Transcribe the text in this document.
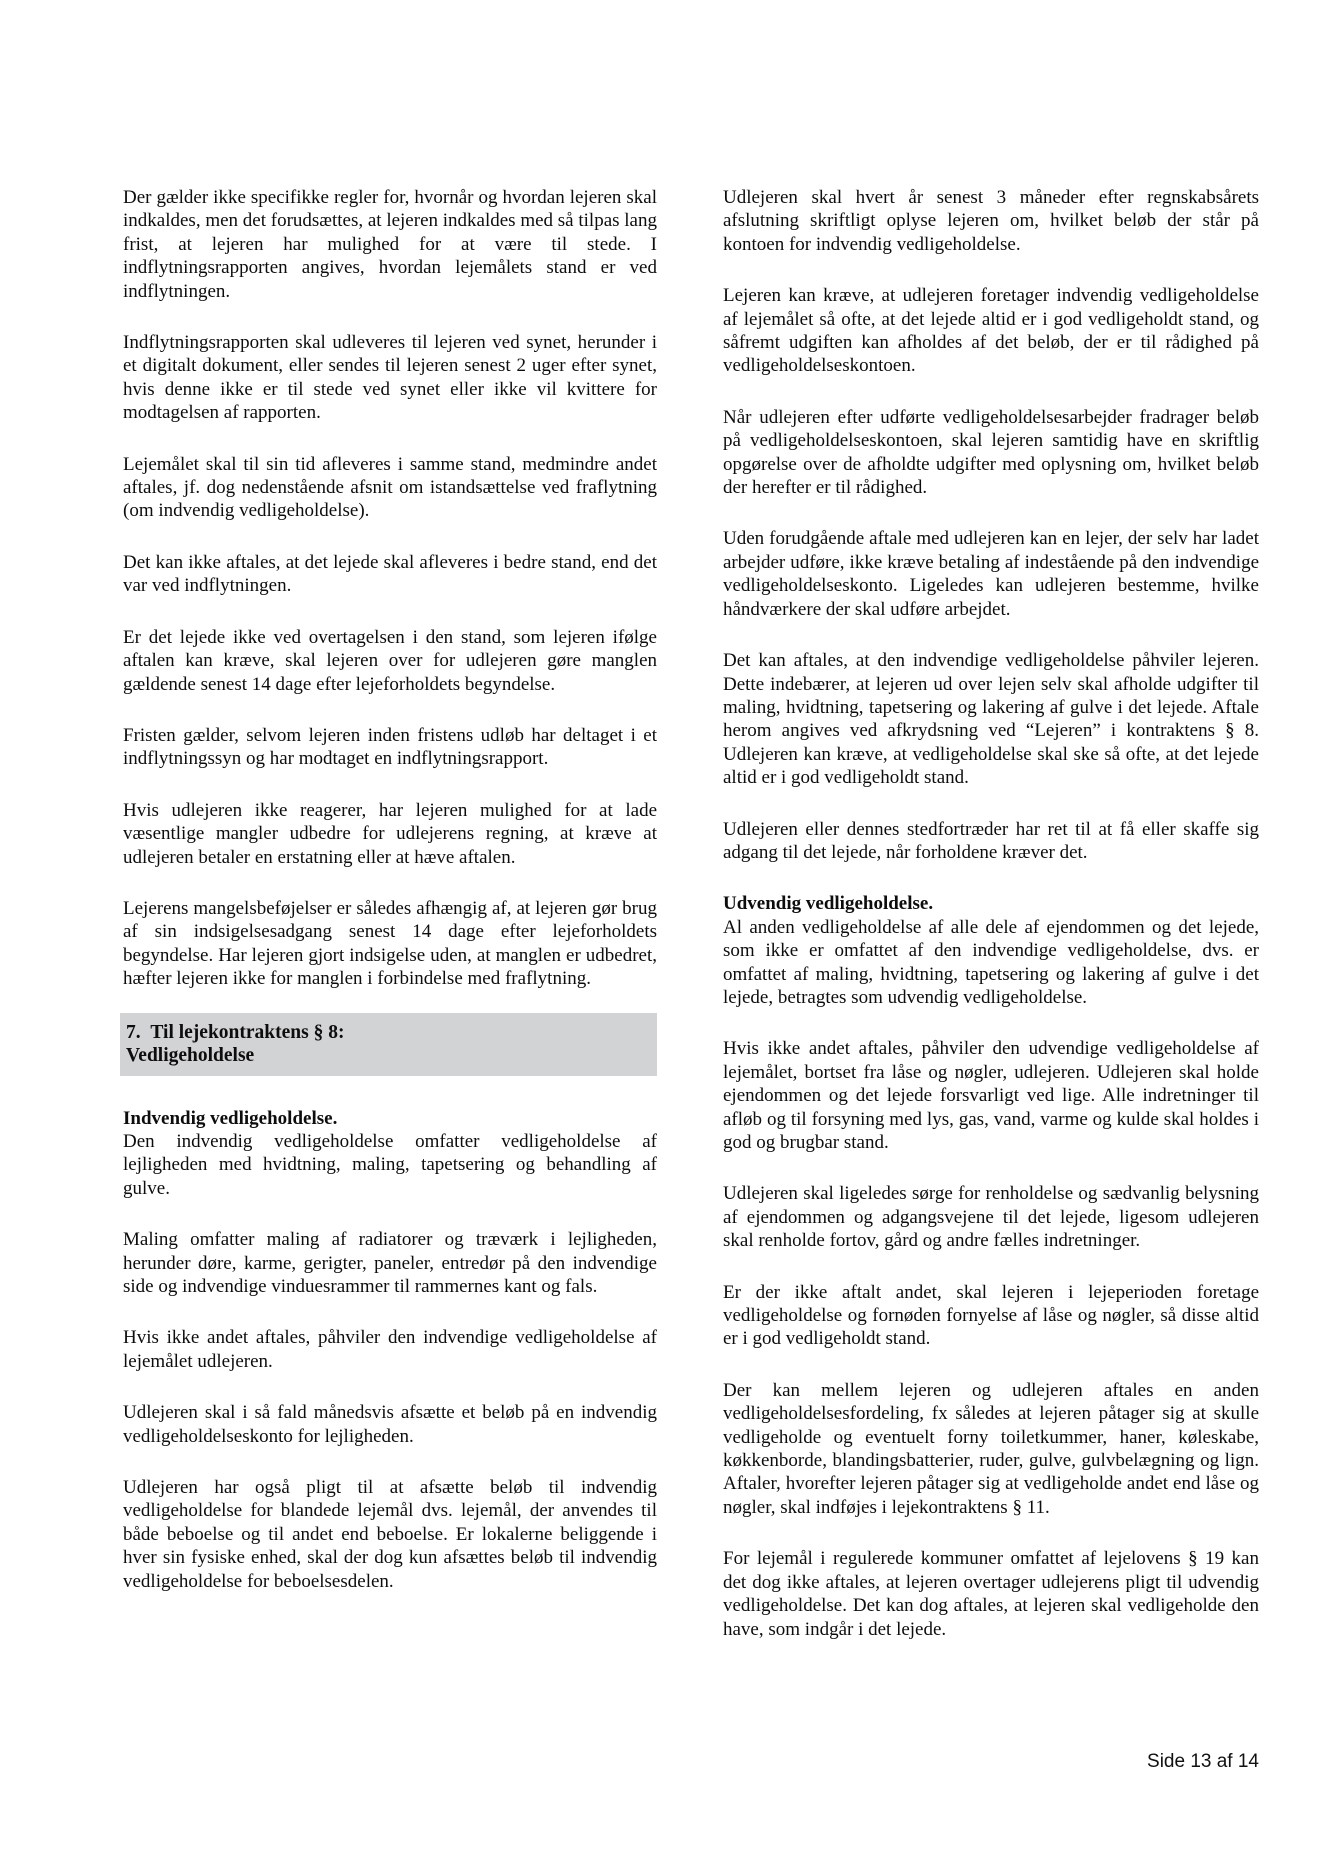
Der gælder ikke specifikke regler for, hvornår og hvordan lejeren skal indkaldes, men det forudsættes, at lejeren indkaldes med så tilpas lang frist, at lejeren har mulighed for at være til stede. I indflytningsrapporten angives, hvordan lejemålets stand er ved indflytningen.

Indflytningsrapporten skal udleveres til lejeren ved synet, herunder i et digitalt dokument, eller sendes til lejeren senest 2 uger efter synet, hvis denne ikke er til stede ved synet eller ikke vil kvittere for modtagelsen af rapporten.

Lejemålet skal til sin tid afleveres i samme stand, medmindre andet aftales, jf. dog nedenstående afsnit om istandsættelse ved fraflytning (om indvendig vedligeholdelse).

Det kan ikke aftales, at det lejede skal afleveres i bedre stand, end det var ved indflytningen.

Er det lejede ikke ved overtagelsen i den stand, som lejeren ifølge aftalen kan kræve, skal lejeren over for udlejeren gøre manglen gældende senest 14 dage efter lejeforholdets begyndelse.

Fristen gælder, selvom lejeren inden fristens udløb har deltaget i et indflytningssyn og har modtaget en indflytningsrapport.

Hvis udlejeren ikke reagerer, har lejeren mulighed for at lade væsentlige mangler udbedre for udlejerens regning, at kræve at udlejeren betaler en erstatning eller at hæve aftalen.

Lejerens mangelsbeføjelser er således afhængig af, at lejeren gør brug af sin indsigelsesadgang senest 14 dage efter lejeforholdets begyndelse. Har lejeren gjort indsigelse uden, at manglen er udbedret, hæfter lejeren ikke for manglen i forbindelse med fraflytning.

7.  Til lejekontraktens § 8:
Vedligeholdelse

Indvendig vedligeholdelse.

Den indvendig vedligeholdelse omfatter vedligeholdelse af lejligheden med hvidtning, maling, tapetsering og behandling af gulve.

Maling omfatter maling af radiatorer og træværk i lejligheden, herunder døre, karme, gerigter, paneler, entredør på den indvendige side og indvendige vinduesrammer til rammernes kant og fals.

Hvis ikke andet aftales, påhviler den indvendige vedligeholdelse af lejemålet udlejeren.

Udlejeren skal i så fald månedsvis afsætte et beløb på en indvendig vedligeholdelseskonto for lejligheden.

Udlejeren har også pligt til at afsætte beløb til indvendig vedligeholdelse for blandede lejemål dvs. lejemål, der anvendes til både beboelse og til andet end beboelse. Er lokalerne beliggende i hver sin fysiske enhed, skal der dog kun afsættes beløb til indvendig vedligeholdelse for beboelsesdelen.

Udlejeren skal hvert år senest 3 måneder efter regnskabsårets afslutning skriftligt oplyse lejeren om, hvilket beløb der står på kontoen for indvendig vedligeholdelse.

Lejeren kan kræve, at udlejeren foretager indvendig vedligeholdelse af lejemålet så ofte, at det lejede altid er i god vedligeholdt stand, og såfremt udgiften kan afholdes af det beløb, der er til rådighed på vedligeholdelseskontoen.

Når udlejeren efter udførte vedligeholdelsesarbejder fradrager beløb på vedligeholdelseskontoen, skal lejeren samtidig have en skriftlig opgørelse over de afholdte udgifter med oplysning om, hvilket beløb der herefter er til rådighed.

Uden forudgående aftale med udlejeren kan en lejer, der selv har ladet arbejder udføre, ikke kræve betaling af indestående på den indvendige vedligeholdelseskonto. Ligeledes kan udlejeren bestemme, hvilke håndværkere der skal udføre arbejdet.

Det kan aftales, at den indvendige vedligeholdelse påhviler lejeren. Dette indebærer, at lejeren ud over lejen selv skal afholde udgifter til maling, hvidtning, tapetsering og lakering af gulve i det lejede. Aftale herom angives ved afkrydsning ved “Lejeren” i kontraktens § 8. Udlejeren kan kræve, at vedligeholdelse skal ske så ofte, at det lejede altid er i god vedligeholdt stand.

Udlejeren eller dennes stedfortræder har ret til at få eller skaffe sig adgang til det lejede, når forholdene kræver det.

Udvendig vedligeholdelse.

Al anden vedligeholdelse af alle dele af ejendommen og det lejede, som ikke er omfattet af den indvendige vedligeholdelse, dvs. er omfattet af maling, hvidtning, tapetsering og lakering af gulve i det lejede, betragtes som udvendig vedligeholdelse.

Hvis ikke andet aftales, påhviler den udvendige vedligeholdelse af lejemålet, bortset fra låse og nøgler, udlejeren. Udlejeren skal holde ejendommen og det lejede forsvarligt ved lige. Alle indretninger til afløb og til forsyning med lys, gas, vand, varme og kulde skal holdes i god og brugbar stand.

Udlejeren skal ligeledes sørge for renholdelse og sædvanlig belysning af ejendommen og adgangsvejene til det lejede, ligesom udlejeren skal renholde fortov, gård og andre fælles indretninger.

Er der ikke aftalt andet, skal lejeren i lejeperioden foretage vedligeholdelse og fornøden fornyelse af låse og nøgler, så disse altid er i god vedligeholdt stand.

Der kan mellem lejeren og udlejeren aftales en anden vedligeholdelsesfordeling, fx således at lejeren påtager sig at skulle vedligeholde og eventuelt forny toiletkummer, haner, køleskabe, køkkenborde, blandingsbatterier, ruder, gulve, gulvbelægning og lign. Aftaler, hvorefter lejeren påtager sig at vedligeholde andet end låse og nøgler, skal indføjes i lejekontraktens § 11.

For lejemål i regulerede kommuner omfattet af lejelovens § 19 kan det dog ikke aftales, at lejeren overtager udlejerens pligt til udvendig vedligeholdelse. Det kan dog aftales, at lejeren skal vedligeholde den have, som indgår i det lejede.

Side 13 af 14
